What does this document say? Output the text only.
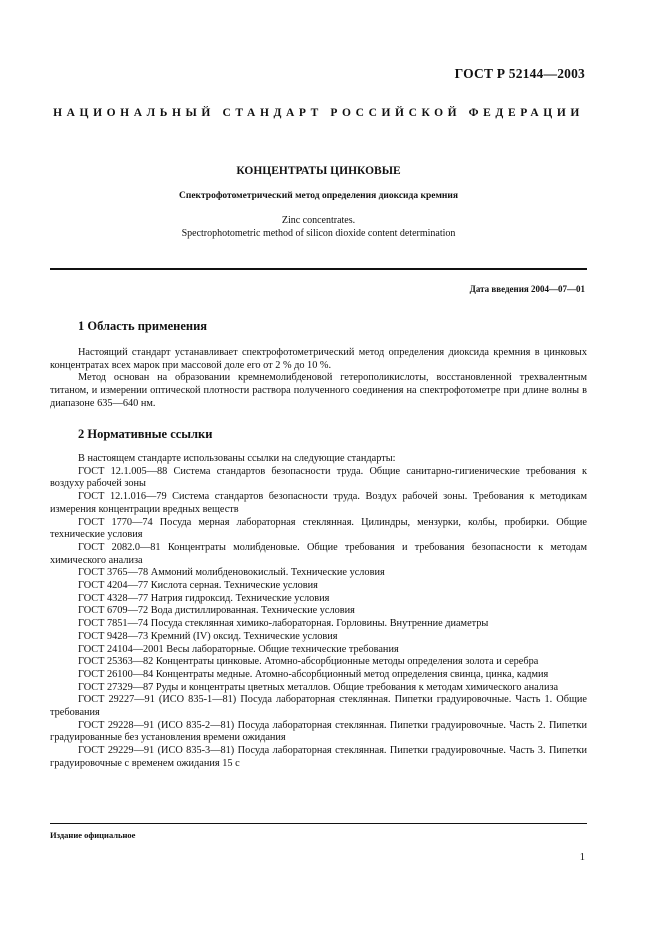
ГОСТ Р 52144—2003
НАЦИОНАЛЬНЫЙ СТАНДАРТ РОССИЙСКОЙ ФЕДЕРАЦИИ
КОНЦЕНТРАТЫ ЦИНКОВЫЕ
Спектрофотометрический метод определения диоксида кремния
Zinc concentrates.
Spectrophotometric method of silicon dioxide content determination
Дата введения 2004—07—01
1 Область применения

Настоящий стандарт устанавливает спектрофотометрический метод определения диоксида кремния в цинковых концентратах всех марок при массовой доле его от 2 % до 10 %.

Метод основан на образовании кремнемолибденовой гетерополикислоты, восстановленной трехвалентным титаном, и измерении оптической плотности раствора полученного соединения на спектрофотометре при длине волны в диапазоне 635—640 нм.

2 Нормативные ссылки

В настоящем стандарте использованы ссылки на следующие стандарты:

ГОСТ 12.1.005—88 Система стандартов безопасности труда. Общие санитарно-гигиенические требования к воздуху рабочей зоны

ГОСТ 12.1.016—79 Система стандартов безопасности труда. Воздух рабочей зоны. Требования к методикам измерения концентрации вредных веществ

ГОСТ 1770—74 Посуда мерная лабораторная стеклянная. Цилиндры, мензурки, колбы, пробирки. Общие технические условия

ГОСТ 2082.0—81 Концентраты молибденовые. Общие требования и требования безопасности к методам химического анализа

ГОСТ 3765—78 Аммоний молибденовокислый. Технические условия

ГОСТ 4204—77 Кислота серная. Технические условия

ГОСТ 4328—77 Натрия гидроксид. Технические условия

ГОСТ 6709—72 Вода дистиллированная. Технические условия

ГОСТ 7851—74 Посуда стеклянная химико-лабораторная. Горловины. Внутренние диаметры

ГОСТ 9428—73 Кремний (IV) оксид. Технические условия

ГОСТ 24104—2001 Весы лабораторные. Общие технические требования

ГОСТ 25363—82 Концентраты цинковые. Атомно-абсорбционные методы определения золота и серебра

ГОСТ 26100—84 Концентраты медные. Атомно-абсорбционный метод определения свинца, цинка, кадмия

ГОСТ 27329—87 Руды и концентраты цветных металлов. Общие требования к методам химического анализа

ГОСТ 29227—91 (ИСО 835-1—81) Посуда лабораторная стеклянная. Пипетки градуировочные. Часть 1. Общие требования

ГОСТ 29228—91 (ИСО 835-2—81) Посуда лабораторная стеклянная. Пипетки градуировочные. Часть 2. Пипетки градуированные без установления времени ожидания

ГОСТ 29229—91 (ИСО 835-3—81) Посуда лабораторная стеклянная. Пипетки градуировочные. Часть 3. Пипетки градуировочные с временем ожидания 15 с

Издание официальное
1
